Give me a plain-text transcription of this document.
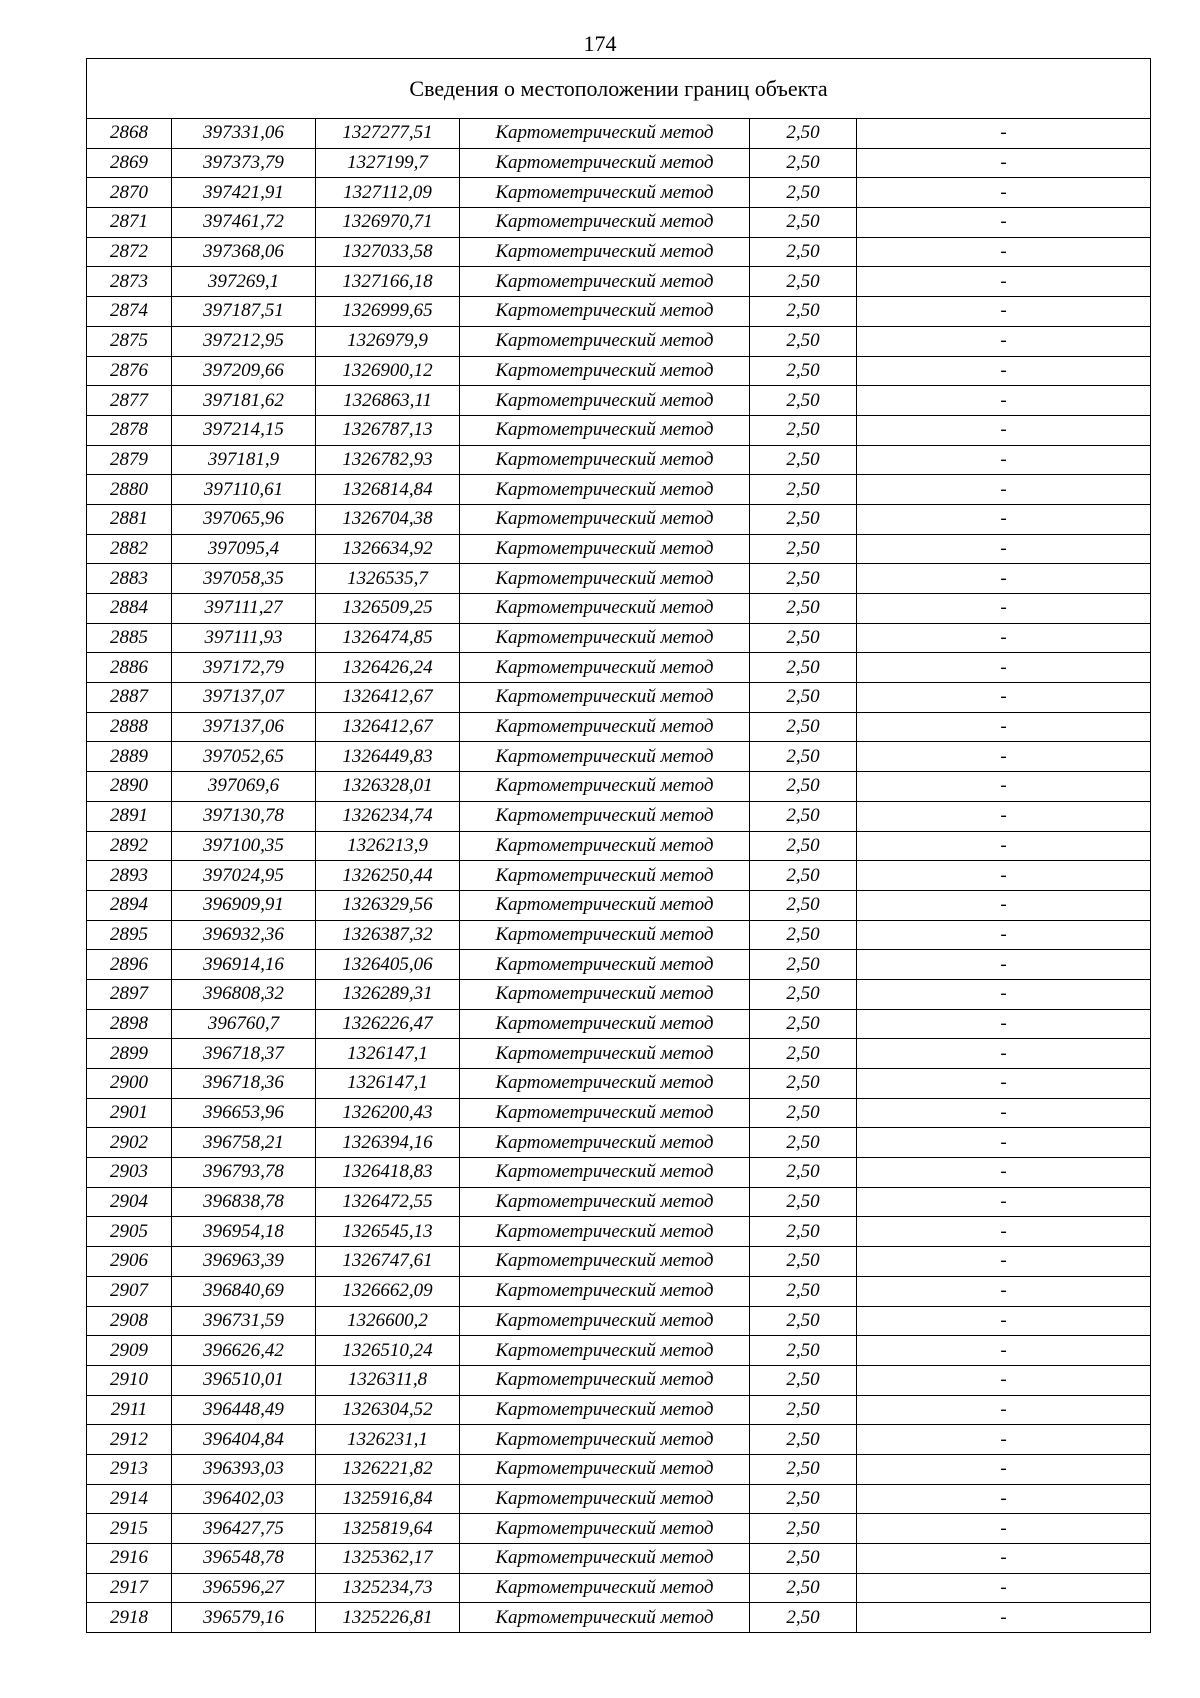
174
Сведения о местоположении границ объекта					
2868	397331,06	1327277,51	Картометрический метод	2,50	-
2869	397373,79	1327199,7	Картометрический метод	2,50	-
2870	397421,91	1327112,09	Картометрический метод	2,50	-
2871	397461,72	1326970,71	Картометрический метод	2,50	-
2872	397368,06	1327033,58	Картометрический метод	2,50	-
2873	397269,1	1327166,18	Картометрический метод	2,50	-
2874	397187,51	1326999,65	Картометрический метод	2,50	-
2875	397212,95	1326979,9	Картометрический метод	2,50	-
2876	397209,66	1326900,12	Картометрический метод	2,50	-
2877	397181,62	1326863,11	Картометрический метод	2,50	-
2878	397214,15	1326787,13	Картометрический метод	2,50	-
2879	397181,9	1326782,93	Картометрический метод	2,50	-
2880	397110,61	1326814,84	Картометрический метод	2,50	-
2881	397065,96	1326704,38	Картометрический метод	2,50	-
2882	397095,4	1326634,92	Картометрический метод	2,50	-
2883	397058,35	1326535,7	Картометрический метод	2,50	-
2884	397111,27	1326509,25	Картометрический метод	2,50	-
2885	397111,93	1326474,85	Картометрический метод	2,50	-
2886	397172,79	1326426,24	Картометрический метод	2,50	-
2887	397137,07	1326412,67	Картометрический метод	2,50	-
2888	397137,06	1326412,67	Картометрический метод	2,50	-
2889	397052,65	1326449,83	Картометрический метод	2,50	-
2890	397069,6	1326328,01	Картометрический метод	2,50	-
2891	397130,78	1326234,74	Картометрический метод	2,50	-
2892	397100,35	1326213,9	Картометрический метод	2,50	-
2893	397024,95	1326250,44	Картометрический метод	2,50	-
2894	396909,91	1326329,56	Картометрический метод	2,50	-
2895	396932,36	1326387,32	Картометрический метод	2,50	-
2896	396914,16	1326405,06	Картометрический метод	2,50	-
2897	396808,32	1326289,31	Картометрический метод	2,50	-
2898	396760,7	1326226,47	Картометрический метод	2,50	-
2899	396718,37	1326147,1	Картометрический метод	2,50	-
2900	396718,36	1326147,1	Картометрический метод	2,50	-
2901	396653,96	1326200,43	Картометрический метод	2,50	-
2902	396758,21	1326394,16	Картометрический метод	2,50	-
2903	396793,78	1326418,83	Картометрический метод	2,50	-
2904	396838,78	1326472,55	Картометрический метод	2,50	-
2905	396954,18	1326545,13	Картометрический метод	2,50	-
2906	396963,39	1326747,61	Картометрический метод	2,50	-
2907	396840,69	1326662,09	Картометрический метод	2,50	-
2908	396731,59	1326600,2	Картометрический метод	2,50	-
2909	396626,42	1326510,24	Картометрический метод	2,50	-
2910	396510,01	1326311,8	Картометрический метод	2,50	-
2911	396448,49	1326304,52	Картометрический метод	2,50	-
2912	396404,84	1326231,1	Картометрический метод	2,50	-
2913	396393,03	1326221,82	Картометрический метод	2,50	-
2914	396402,03	1325916,84	Картометрический метод	2,50	-
2915	396427,75	1325819,64	Картометрический метод	2,50	-
2916	396548,78	1325362,17	Картометрический метод	2,50	-
2917	396596,27	1325234,73	Картометрический метод	2,50	-
2918	396579,16	1325226,81	Картометрический метод	2,50	-
